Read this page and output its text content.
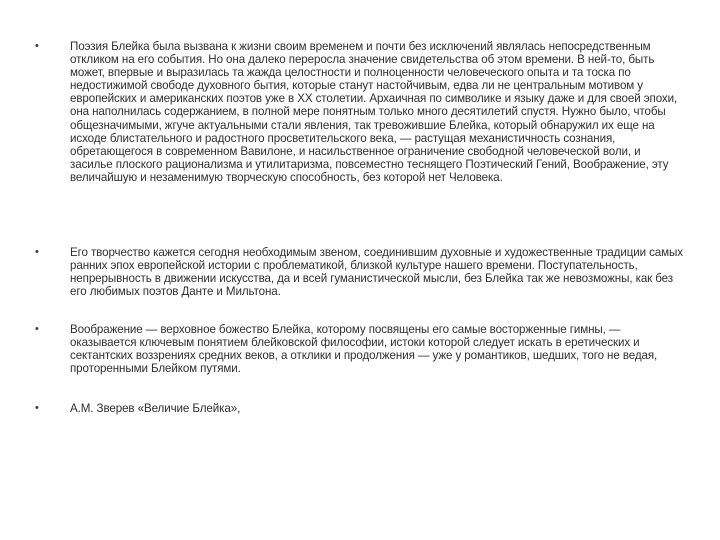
•	Поэзия Блейка была вызвана к жизни своим временем и почти без исключений являлась непосредственным откликом на его события. Но она далеко переросла значение свидетельства об этом времени. В ней-то, быть может, впервые и выразилась та жажда целостности и полноценности человеческого опыта и та тоска по недостижимой свободе духовного бытия, которые станут настойчивым, едва ли не центральным мотивом у европейских и американских поэтов уже в XX столетии. Архаичная по символике и языку даже и для своей эпохи, она наполнилась содержанием, в полной мере понятным только много десятилетий спустя. Нужно было, чтобы общезначимыми, жгуче актуальными стали явления, так тревожившие Блейка, который обнаружил их еще на исходе блистательного и радостного просветительского века, — растущая механистичность сознания, обретающегося в современном Вавилоне, и насильственное ограничение свободной человеческой воли, и засилье плоского рационализма и утилитаризма, повсеместно теснящего Поэтический Гений, Воображение, эту величайшую и незаменимую творческую способность, без которой нет Человека.
•	Его творчество кажется сегодня необходимым звеном, соединившим духовные и художественные традиции самых ранних эпох европейской истории с проблематикой, близкой культуре нашего времени. Поступательность, непрерывность в движении искусства, да и всей гуманистической мысли, без Блейка так же невозможны, как без его любимых поэтов Данте и Мильтона.
•	Воображение — верховное божество Блейка, которому посвящены его самые восторженные гимны, — оказывается ключевым понятием блейковской философии, истоки которой следует искать в еретических и сектантских воззрениях средних веков, а отклики и продолжения — уже у романтиков, шедших, того не ведая, проторенными Блейком путями.
•	А.М. Зверев «Величие Блейка»,
